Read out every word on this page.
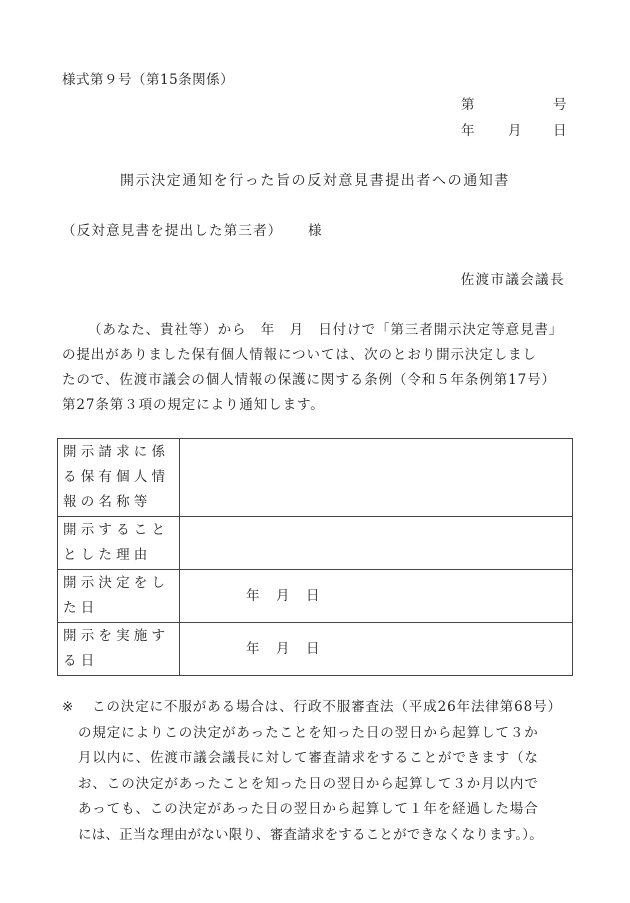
様式第９号（第15条関係）
第	号
年 月 日
開示決定通知を行った旨の反対意見書提出者への通知書
（反対意見書を提出した第三者） 様
佐渡市議会議長
（あなた、貴社等）から　年　月　日付けで「第三者開示決定等意見書」
の提出がありました保有個人情報については、次のとおり開示決定しまし
たので、佐渡市議会の個人情報の保護に関する条例（令和５年条例第17号）
第27条第３項の規定により通知します。
開示請求に係
る保有個人情
報の名称等	

開示すること
とした理由	

開示決定をし
た日	年 月 日

開示を実施す
る日	年 月 日
※ この決定に不服がある場合は、行政不服審査法（平成26年法律第68号）
の規定によりこの決定があったことを知った日の翌日から起算して３か
月以内に、佐渡市議会議長に対して審査請求をすることができます（な
お、この決定があったことを知った日の翌日から起算して３か月以内で
あっても、この決定があった日の翌日から起算して１年を経過した場合
には、正当な理由がない限り、審査請求をすることができなくなります。）。
